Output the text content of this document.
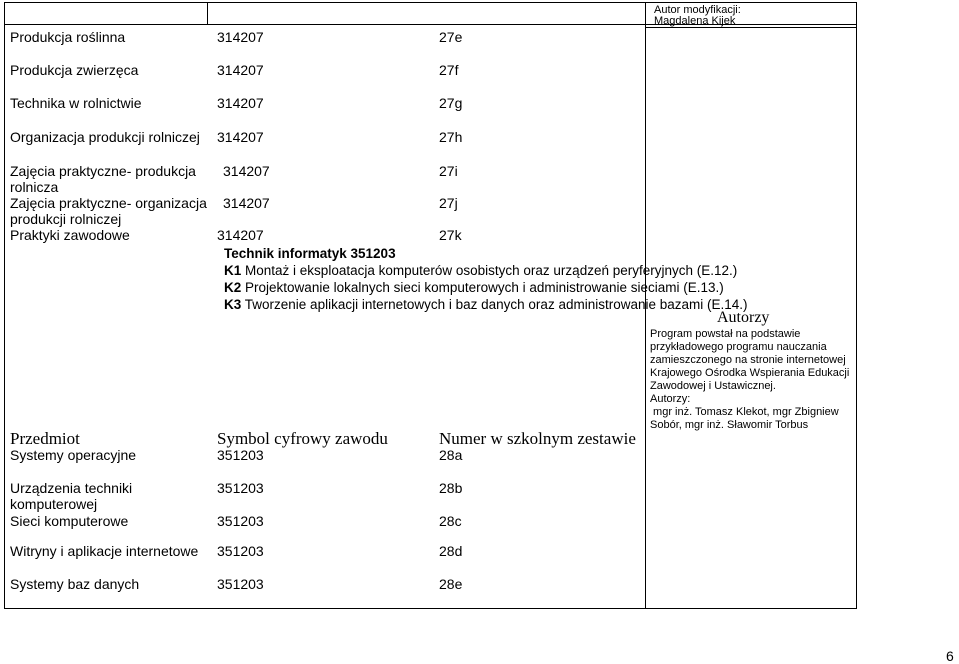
Autor modyfikacji:
Magdalena Kijek
Produkcja roślinna	314207	27e
Produkcja zwierzęca	314207	27f
Technika w rolnictwie	314207	27g
Organizacja produkcji rolniczej 314207	27h
Zajęcia praktyczne- produkcja
rolnicza
314207	27i
Zajęcia praktyczne- organizacja
produkcji rolniczej
314207	27j
Praktyki zawodowe	314207	27k
Technik informatyk 351203
K1 Montaż i eksploatacja komputerów osobistych oraz urządzeń peryferyjnych (E.12.)
K2 Projektowanie lokalnych sieci komputerowych i administrowanie sieciami (E.13.)
K3 Tworzenie aplikacji internetowych i baz danych oraz administrowanie bazami (E.14.)
Autorzy
Program powstał na podstawie
przykładowego programu nauczania
zamieszczonego na stronie internetowej
Krajowego Ośrodka Wspierania Edukacji
Zawodowej i Ustawicznej.
Autorzy:
mgr inż. Tomasz Klekot, mgr Zbigniew
Sobór, mgr inż. Sławomir Torbus
Przedmiot	Symbol cyfrowy zawodu	Numer w szkolnym zestawie
Systemy operacyjne	351203	28a
Urządzenia techniki
komputerowej
351203	28b
Sieci komputerowe	351203	28c
Witryny i aplikacje internetowe 351203	28d
Systemy baz danych	351203	28e
6
